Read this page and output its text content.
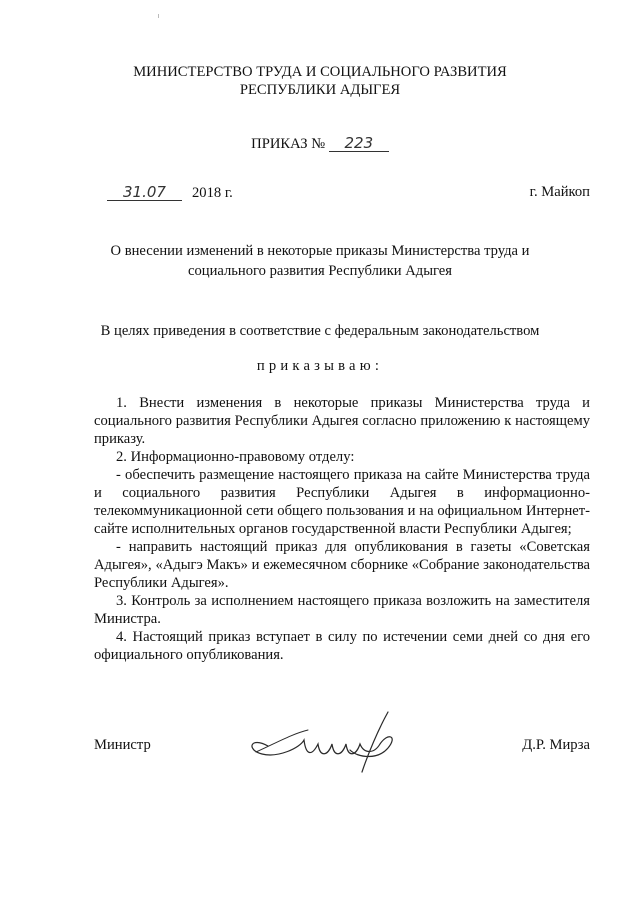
МИНИСТЕРСТВО ТРУДА И СОЦИАЛЬНОГО РАЗВИТИЯ
РЕСПУБЛИКИ АДЫГЕЯ
ПРИКАЗ № 223
31.07 2018 г.	г. Майкоп
О внесении изменений в некоторые приказы Министерства труда и
социального развития Республики Адыгея
В целях приведения в соответствие с федеральным законодательством
приказываю:

1. Внести изменения в некоторые приказы Министерства труда и социального развития Республики Адыгея согласно приложению к настоящему приказу.

2. Информационно-правовому отделу:

- обеспечить размещение настоящего приказа на сайте Министерства труда и социального развития Республики Адыгея в информационно-телекоммуникационной сети общего пользования и на официальном Интернет-сайте исполнительных органов государственной власти Республики Адыгея;

- направить настоящий приказ для опубликования в газеты «Советская Адыгея», «Адыгэ Макъ» и ежемесячном сборнике «Собрание законодательства Республики Адыгея».

3. Контроль за исполнением настоящего приказа возложить на заместителя Министра.

4. Настоящий приказ вступает в силу по истечении семи дней со дня его официального опубликования.

Министр	Д.Р. Мирза
